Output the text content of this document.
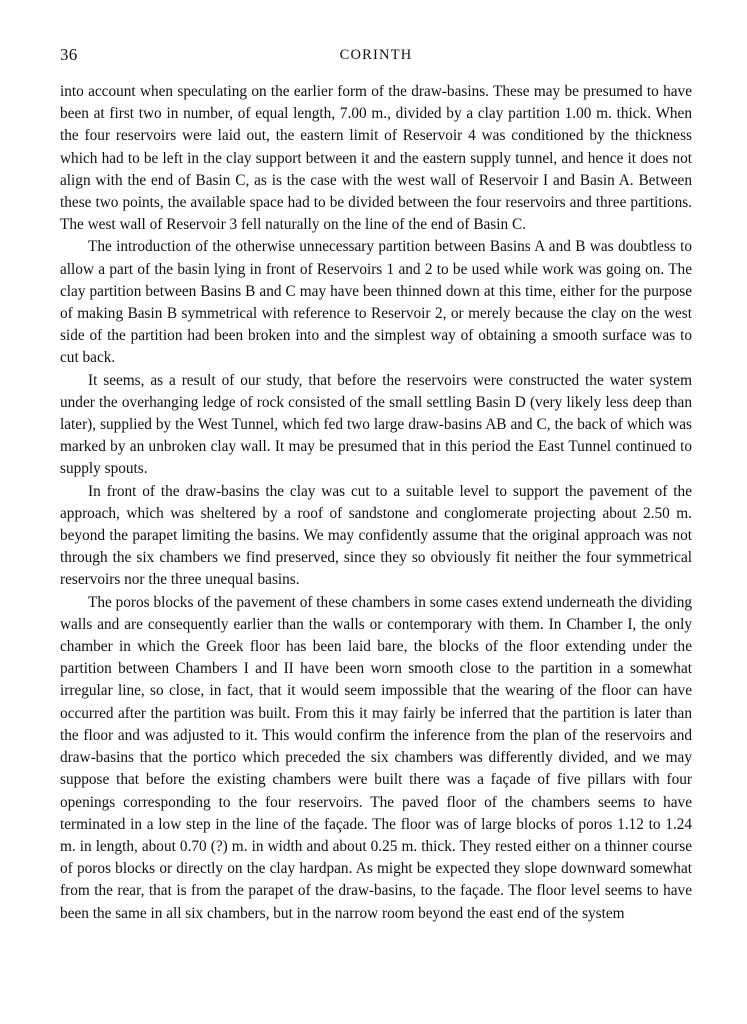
36	CORINTH

into account when speculating on the earlier form of the draw-basins. These may be presumed to have been at first two in number, of equal length, 7.00 m., divided by a clay partition 1.00 m. thick. When the four reservoirs were laid out, the eastern limit of Reservoir 4 was conditioned by the thickness which had to be left in the clay support between it and the eastern supply tunnel, and hence it does not align with the end of Basin C, as is the case with the west wall of Reservoir I and Basin A. Between these two points, the available space had to be divided between the four reservoirs and three partitions. The west wall of Reservoir 3 fell naturally on the line of the end of Basin C.

The introduction of the otherwise unnecessary partition between Basins A and B was doubtless to allow a part of the basin lying in front of Reservoirs 1 and 2 to be used while work was going on. The clay partition between Basins B and C may have been thinned down at this time, either for the purpose of making Basin B symmetrical with reference to Reservoir 2, or merely because the clay on the west side of the partition had been broken into and the simplest way of obtaining a smooth surface was to cut back.

It seems, as a result of our study, that before the reservoirs were constructed the water system under the overhanging ledge of rock consisted of the small settling Basin D (very likely less deep than later), supplied by the West Tunnel, which fed two large draw-basins AB and C, the back of which was marked by an unbroken clay wall. It may be presumed that in this period the East Tunnel continued to supply spouts.

In front of the draw-basins the clay was cut to a suitable level to support the pavement of the approach, which was sheltered by a roof of sandstone and conglomerate projecting about 2.50 m. beyond the parapet limiting the basins. We may confidently assume that the original approach was not through the six chambers we find preserved, since they so obviously fit neither the four symmetrical reservoirs nor the three unequal basins.

The poros blocks of the pavement of these chambers in some cases extend underneath the dividing walls and are consequently earlier than the walls or contemporary with them. In Chamber I, the only chamber in which the Greek floor has been laid bare, the blocks of the floor extending under the partition between Chambers I and II have been worn smooth close to the partition in a somewhat irregular line, so close, in fact, that it would seem impossible that the wearing of the floor can have occurred after the partition was built. From this it may fairly be inferred that the partition is later than the floor and was adjusted to it. This would confirm the inference from the plan of the reservoirs and draw-basins that the portico which preceded the six chambers was differently divided, and we may suppose that before the existing chambers were built there was a façade of five pillars with four openings corresponding to the four reservoirs. The paved floor of the chambers seems to have terminated in a low step in the line of the façade. The floor was of large blocks of poros 1.12 to 1.24 m. in length, about 0.70 (?) m. in width and about 0.25 m. thick. They rested either on a thinner course of poros blocks or directly on the clay hardpan. As might be expected they slope downward somewhat from the rear, that is from the parapet of the draw-basins, to the façade. The floor level seems to have been the same in all six chambers, but in the narrow room beyond the east end of the system
